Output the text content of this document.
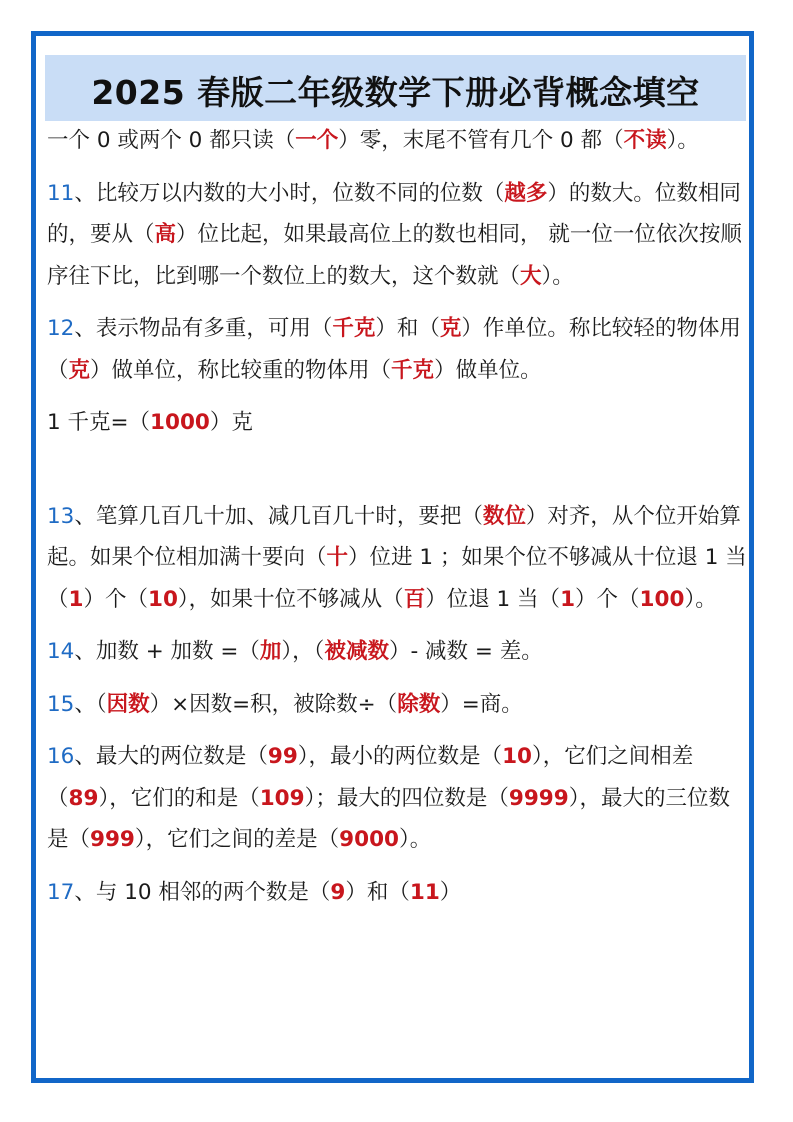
2025 春版二年级数学下册必背概念填空

一个 0 或两个 0 都只读（一个）零，末尾不管有几个 0 都（不读）。

11、比较万以内数的大小时，位数不同的位数（越多）的数大。位数相同的，要从（高）位比起，如果最高位上的数也相同， 就一位一位依次按顺序往下比，比到哪一个数位上的数大，这个数就（大）。

12、表示物品有多重，可用（千克）和（克）作单位。称比较轻的物体用（克）做单位，称比较重的物体用（千克）做单位。

1 千克=（1000）克

13、笔算几百几十加、减几百几十时，要把（数位）对齐，从个位开始算起。如果个位相加满十要向（十）位进 1 ；如果个位不够减从十位退 1 当（1）个（10），如果十位不够减从（百）位退 1 当（1）个（100）。

14、加数 + 加数 =（加），（被减数）- 减数 = 差。

15、（因数）×因数=积，被除数÷（除数）=商。

16、最大的两位数是（99），最小的两位数是（10），它们之间相差（89），它们的和是（109）；最大的四位数是（9999），最大的三位数是（999），它们之间的差是（9000）。

17、与 10 相邻的两个数是（9）和（11）
